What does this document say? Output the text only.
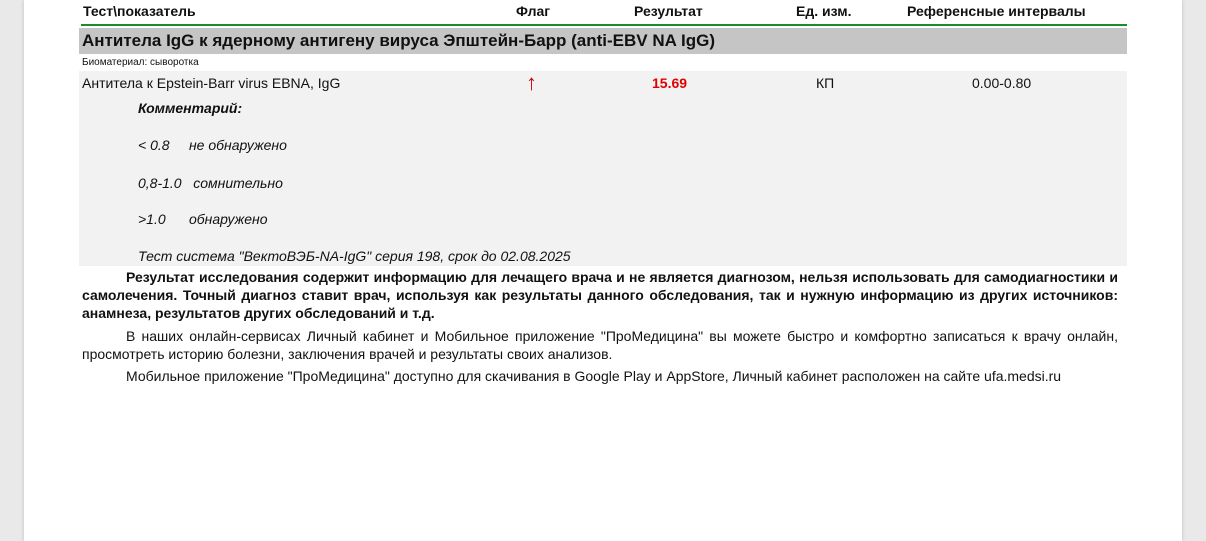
Тест\показатель	Флаг	Результат	Ед. изм.	Референсные интервалы
Антитела IgG к ядерному антигену вируса Эпштейн-Барр (anti-EBV NA IgG)
Биоматериал: сыворотка
Антитела к Epstein-Barr virus EBNA, IgG	↑	15.69	КП	0.00-0.80
Комментарий:
< 0.8     не обнаружено
0,8-1.0   сомнительно
>1.0      обнаружено
Тест система "ВектоВЭБ-NA-IgG" серия 198, срок до 02.08.2025

Результат исследования содержит информацию для лечащего врача и не является диагнозом, нельзя использовать для самодиагностики и самолечения. Точный диагноз ставит врач, используя как результаты данного обследования, так и нужную информацию из других источников: анамнеза, результатов других обследований и т.д.

В наших онлайн-сервисах Личный кабинет и Мобильное приложение "ПроМедицина" вы можете быстро и комфортно записаться к врачу онлайн, просмотреть историю болезни, заключения врачей и результаты своих анализов.

Мобильное приложение "ПроМедицина" доступно для скачивания в Google Play и AppStore, Личный кабинет расположен на сайте ufa.medsi.ru
